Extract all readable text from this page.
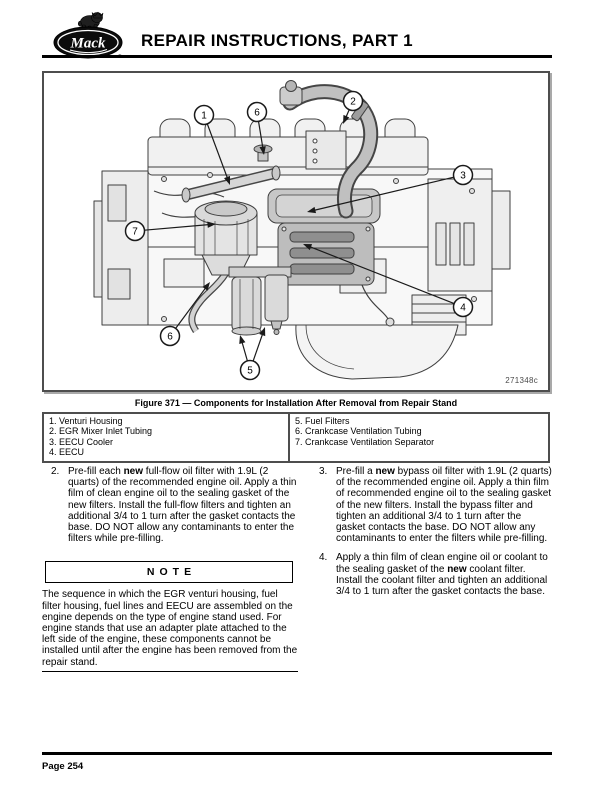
Mack REPAIR INSTRUCTIONS, PART 1
1	6
2
3
7
4
6
5
271348c
Figure 371 — Components for Installation After Removal from Repair Stand
1. Venturi Housing
2. EGR Mixer Inlet Tubing
3. EECU Cooler
4. EECU
5. Fuel Filters
6. Crankcase Ventilation Tubing
7. Crankcase Ventilation Separator
2. Pre-fill each new full-flow oil filter with 1.9L (2 quarts) of the recommended engine oil. Apply a thin film of clean engine oil to the sealing gasket of the new filters. Install the full-flow filters and tighten an additional 3/4 to 1 turn after the gasket contacts the base. DO NOT allow any contaminants to enter the filters while pre-filling.
NOTE
The sequence in which the EGR venturi housing, fuel filter housing, fuel lines and EECU are assembled on the engine depends on the type of engine stand used. For engine stands that use an adapter plate attached to the left side of the engine, these components cannot be installed until after the engine has been removed from the repair stand.
3. Pre-fill a new bypass oil filter with 1.9L (2 quarts) of the recommended engine oil. Apply a thin film of recommended engine oil to the sealing gasket of the new filters. Install the bypass filter and tighten an additional 3/4 to 1 turn after the gasket contacts the base. DO NOT allow any contaminants to enter the filters while pre-filling.
4. Apply a thin film of clean engine oil or coolant to the sealing gasket of the new coolant filter. Install the coolant filter and tighten an additional 3/4 to 1 turn after the gasket contacts the base.
Page 254
